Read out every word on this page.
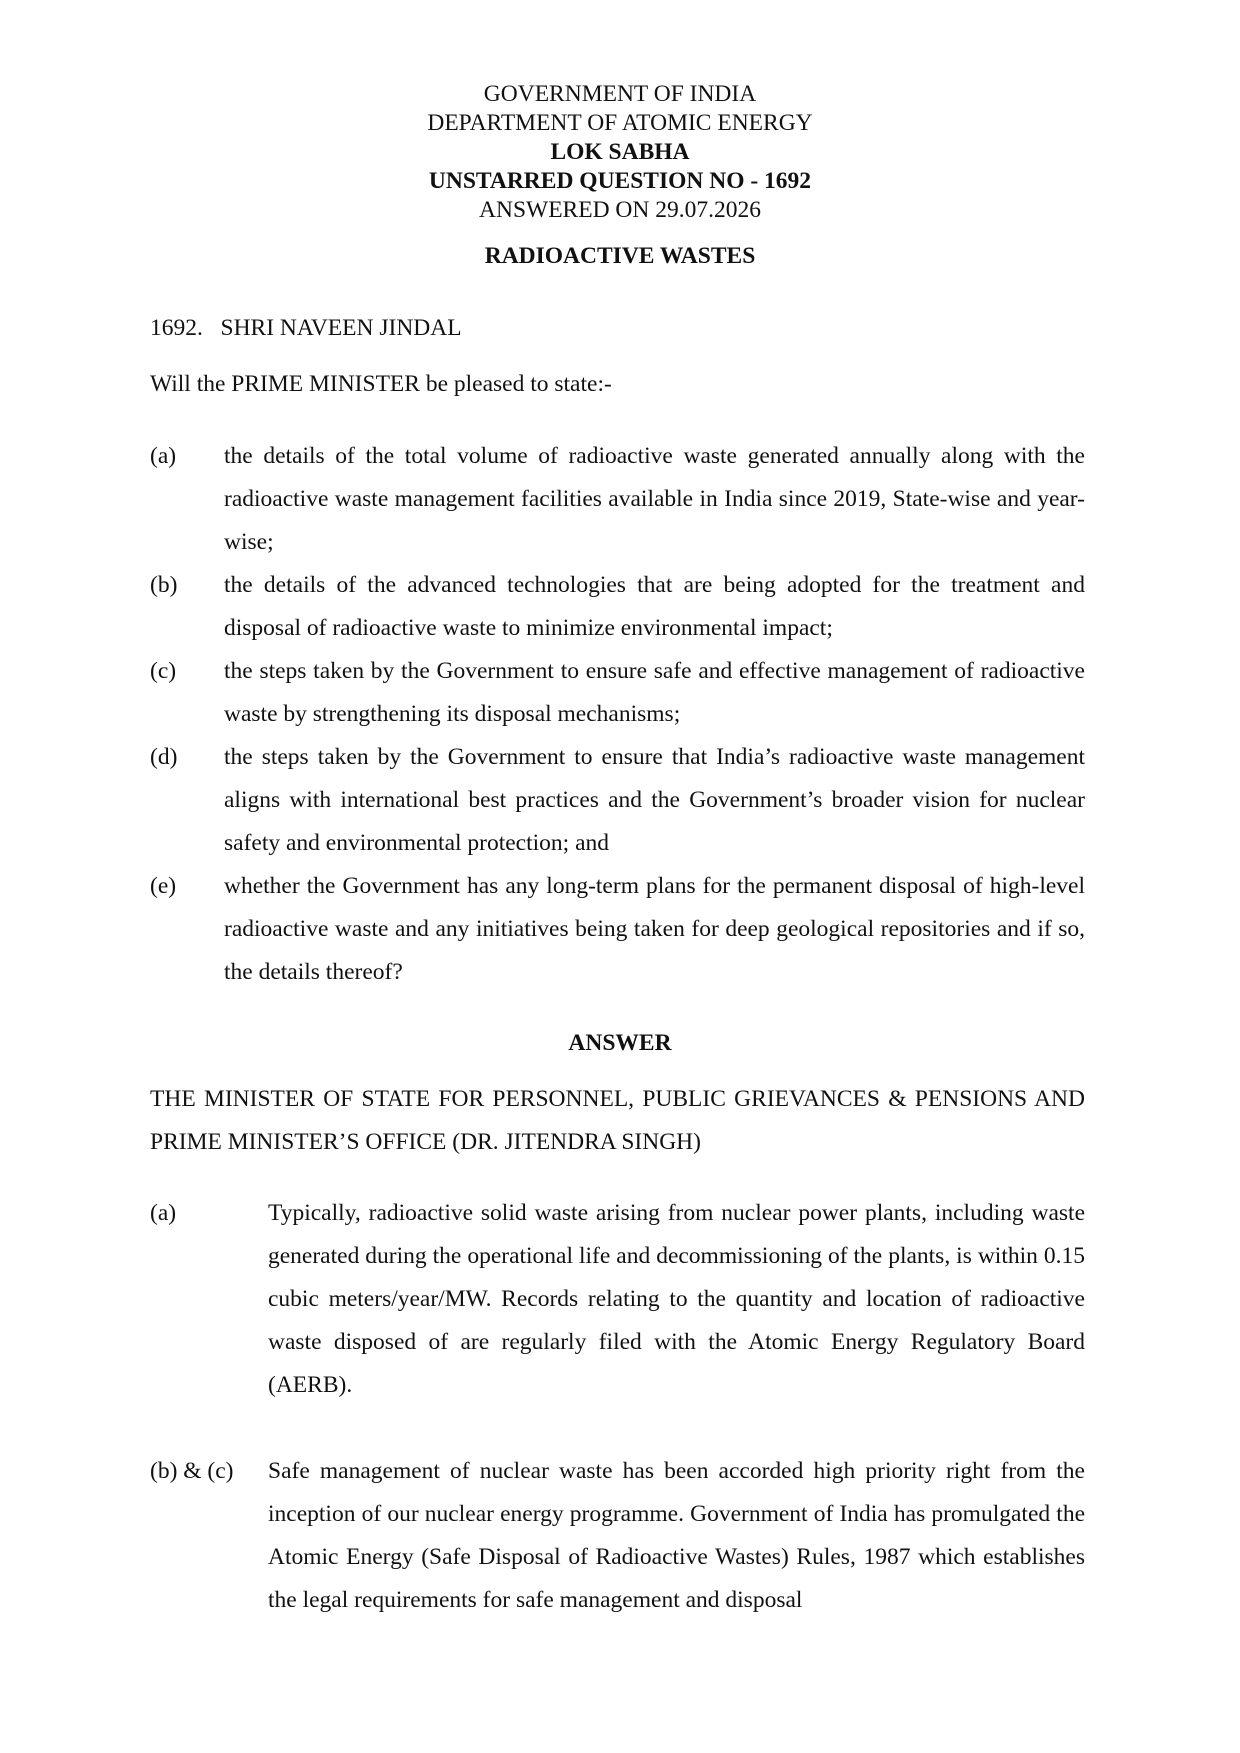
GOVERNMENT OF INDIA
DEPARTMENT OF ATOMIC ENERGY
LOK SABHA
UNSTARRED QUESTION NO - 1692
ANSWERED ON 29.07.2026
RADIOACTIVE WASTES
1692.   SHRI NAVEEN JINDAL
Will the PRIME MINISTER be pleased to state:-
(a) the details of the total volume of radioactive waste generated annually along with the radioactive waste management facilities available in India since 2019, State-wise and year-wise;
(b) the details of the advanced technologies that are being adopted for the treatment and disposal of radioactive waste to minimize environmental impact;
(c) the steps taken by the Government to ensure safe and effective management of radioactive waste by strengthening its disposal mechanisms;
(d) the steps taken by the Government to ensure that India’s radioactive waste management aligns with international best practices and the Government’s broader vision for nuclear safety and environmental protection; and
(e) whether the Government has any long-term plans for the permanent disposal of high-level radioactive waste and any initiatives being taken for deep geological repositories and if so, the details thereof?
ANSWER
THE MINISTER OF STATE FOR PERSONNEL, PUBLIC GRIEVANCES & PENSIONS AND PRIME MINISTER’S OFFICE (DR. JITENDRA SINGH)
(a)	Typically, radioactive solid waste arising from nuclear power plants, including waste generated during the operational life and decommissioning of the plants, is within 0.15 cubic meters/year/MW. Records relating to the quantity and location of radioactive waste disposed of are regularly filed with the Atomic Energy Regulatory Board (AERB).
(b) & (c) Safe management of nuclear waste has been accorded high priority right from the inception of our nuclear energy programme. Government of India has promulgated the Atomic Energy (Safe Disposal of Radioactive Wastes) Rules, 1987 which establishes the legal requirements for safe management and disposal
